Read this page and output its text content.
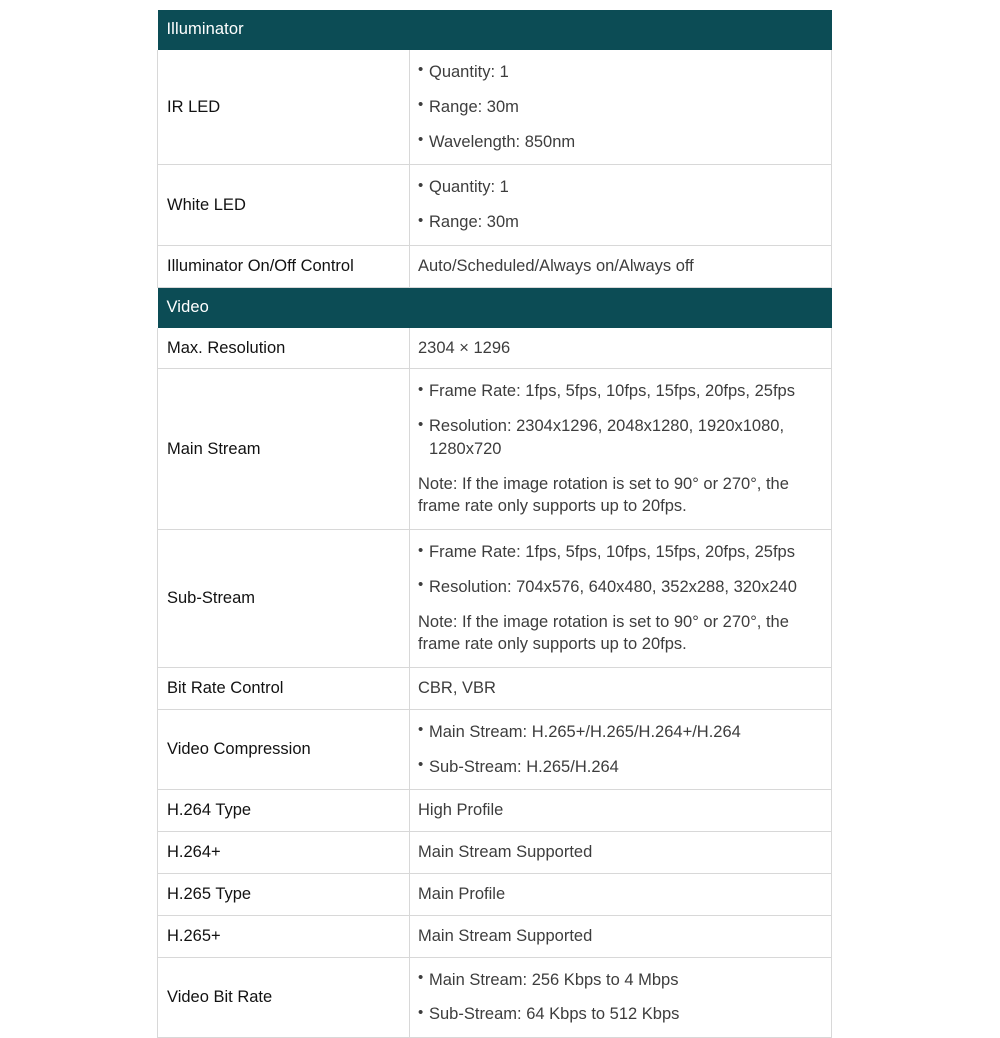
Illuminator	
IR LED	• Quantity: 1
• Range: 30m
• Wavelength: 850nm

White LED	• Quantity: 1
• Range: 30m

Illuminator On/Off Control	Auto/Scheduled/Always on/Always off

Video	
Max. Resolution	2304 × 1296

Main Stream	• Frame Rate: 1fps, 5fps, 10fps, 15fps, 20fps, 25fps
• Resolution: 2304x1296, 2048x1280, 1920x1080, 1280x720
Note: If the image rotation is set to 90° or 270°, the frame rate only supports up to 20fps.

Sub-Stream	• Frame Rate: 1fps, 5fps, 10fps, 15fps, 20fps, 25fps
• Resolution: 704x576, 640x480, 352x288, 320x240
Note: If the image rotation is set to 90° or 270°, the frame rate only supports up to 20fps.

Bit Rate Control	CBR, VBR

Video Compression	• Main Stream: H.265+/H.265/H.264+/H.264
• Sub-Stream: H.265/H.264

H.264 Type	High Profile

H.264+	Main Stream Supported

H.265 Type	Main Profile

H.265+	Main Stream Supported

Video Bit Rate	• Main Stream: 256 Kbps to 4 Mbps
• Sub-Stream: 64 Kbps to 512 Kbps
